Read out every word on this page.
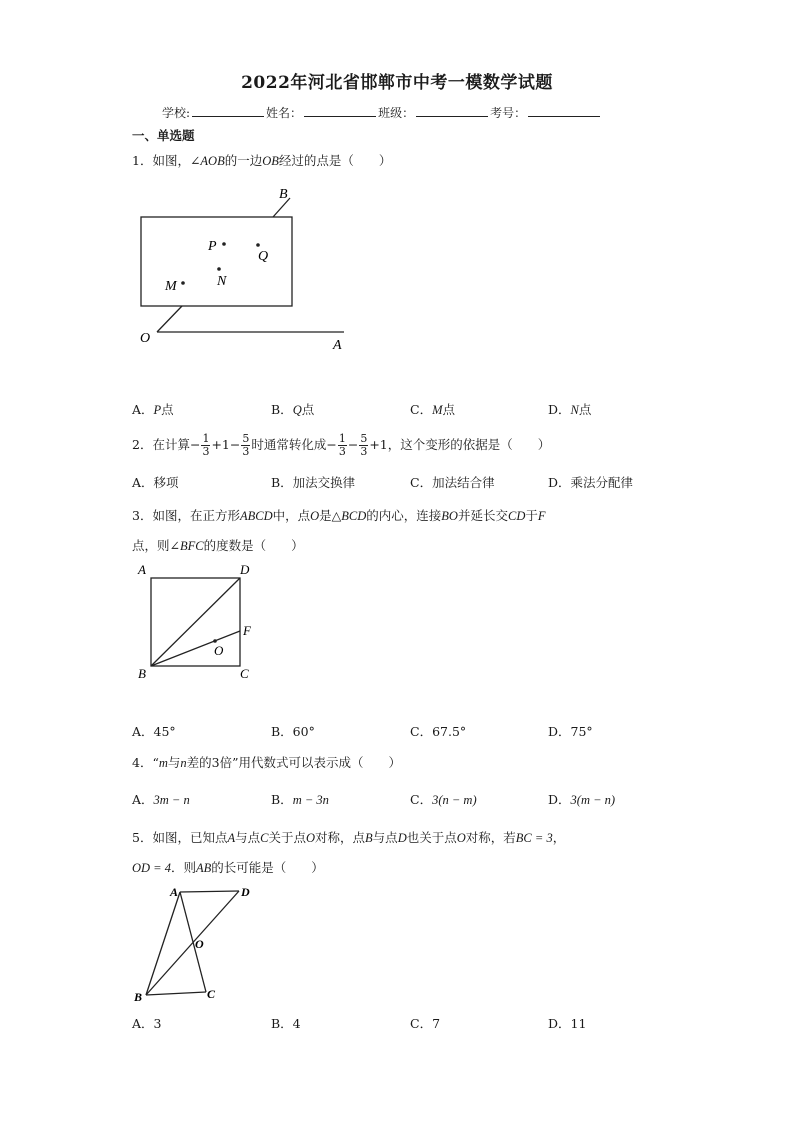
2022年河北省邯郸市中考一模数学试题
学校:	姓名：	班级：	考号：
一、单选题
1．如图，∠AOB的一边OB经过的点是（　　）
B
P
Q
N
M
O	A
A．P点	B．Q点	C．M点	D．N点
2．在计算− $\frac{1}{3} +1- \frac{5}{3}$ 时通常转化成− $\frac{1}{3} - \frac{5}{3} +1$，这个变形的依据是（　　）
A．移项	B．加法交换律	C．加法结合律	D．乘法分配律
3．如图，在正方形ABCD中，点O是△BCD的内心，连接BO并延长交CD于F
点，则∠BFC的度数是（　　）
A	D
F
O
B	C
A．45°	B．60°	C．67.5°	D．75°
4．“m与n差的3倍”用代数式可以表示成（　　）
A．3m − n	B．m − 3n	C．3(n − m)	D．3(m − n)
5．如图，已知点A与点C关于点O对称，点B与点D也关于点O对称，若BC = 3，
OD = 4．则AB的长可能是（　　）
A	D
O
B	C
A．3	B．4	C．7	D．11
